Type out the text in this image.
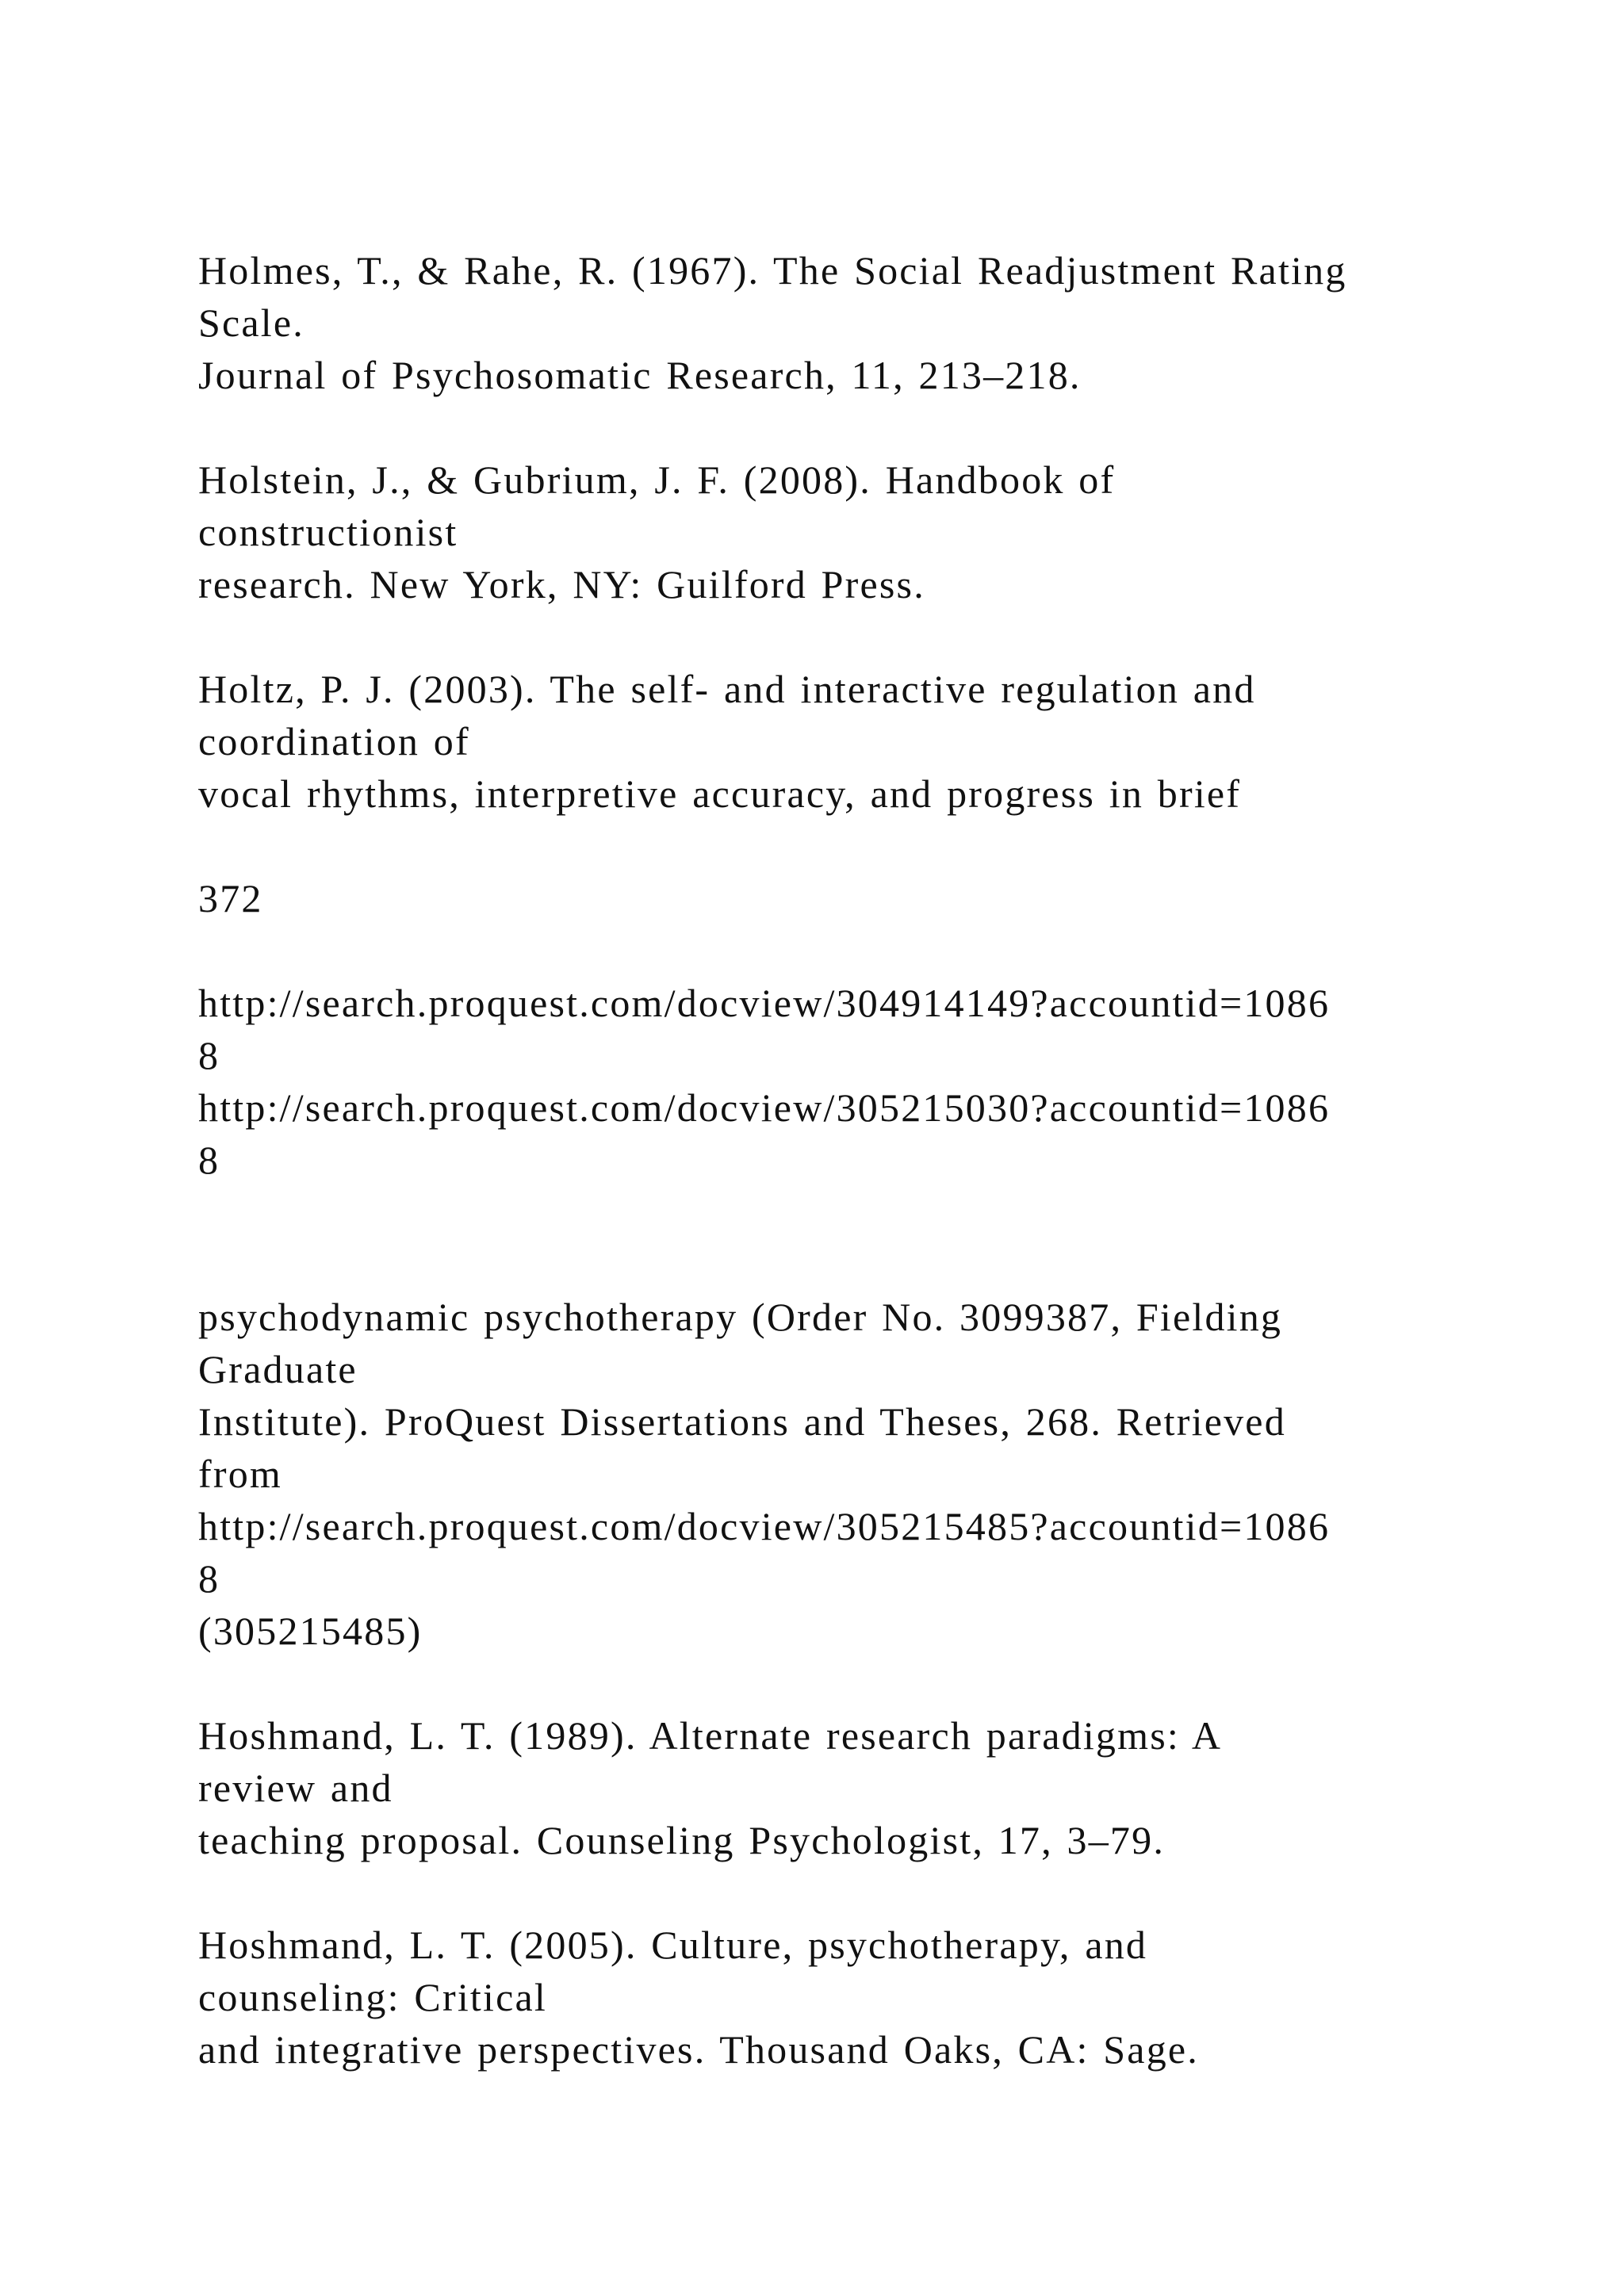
Holmes, T., & Rahe, R. (1967). The Social Readjustment Rating
Scale.
Journal of Psychosomatic Research, 11, 213–218.
Holstein, J., & Gubrium, J. F. (2008). Handbook of
constructionist
research. New York, NY: Guilford Press.
Holtz, P. J. (2003). The self- and interactive regulation and
coordination of
vocal rhythms, interpretive accuracy, and progress in brief
372
http://search.proquest.com/docview/304914149?accountid=1086
8
http://search.proquest.com/docview/305215030?accountid=1086
8
psychodynamic psychotherapy (Order No. 3099387, Fielding
Graduate
Institute). ProQuest Dissertations and Theses, 268. Retrieved
from
http://search.proquest.com/docview/305215485?accountid=1086
8
(305215485)
Hoshmand, L. T. (1989). Alternate research paradigms: A
review and
teaching proposal. Counseling Psychologist, 17, 3–79.
Hoshmand, L. T. (2005). Culture, psychotherapy, and
counseling: Critical
and integrative perspectives. Thousand Oaks, CA: Sage.
